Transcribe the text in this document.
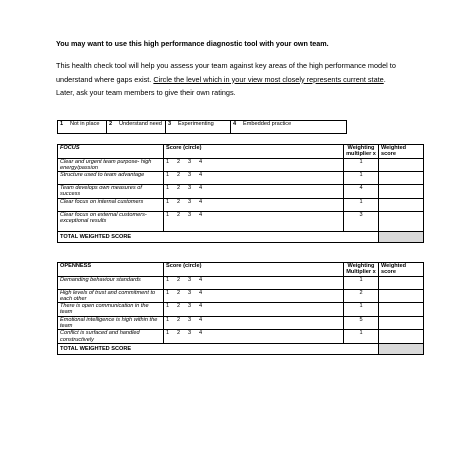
You may want to use this high performance diagnostic tool with your own team.
This health check tool will help you assess your team against key areas of the high performance model to understand where gaps exist. Circle the level which in your view most closely represents current state. Later, ask your team members to give their own ratings.
1	Not in place	2	Understand need	3	Experimenting	4	Embedded practice
FOCUS	Score (circle)	Weighting multiplier x	Weighted score
Clear and urgent team purpose- high energy/passion	1 2 3 4	1	
Structure used to team advantage	1 2 3 4	1	
Team develops own measures of success	1 2 3 4	4	
Clear focus on internal customers	1 2 3 4	1	
Clear focus on external customers- exceptional results	1 2 3 4	3	
TOTAL WEIGHTED SCORE			
OPENNESS	Score (circle)	Weighting Multiplier x	Weighted score
Demanding behaviour standards	1 2 3 4	1	
High levels of trust and commitment to each other	1 2 3 4	2	
There is open communication in the team	1 2 3 4	1	
Emotional intelligence is high within the team	1 2 3 4	5	
Conflict is surfaced and handled constructively	1 2 3 4	1	
TOTAL WEIGHTED SCORE			
